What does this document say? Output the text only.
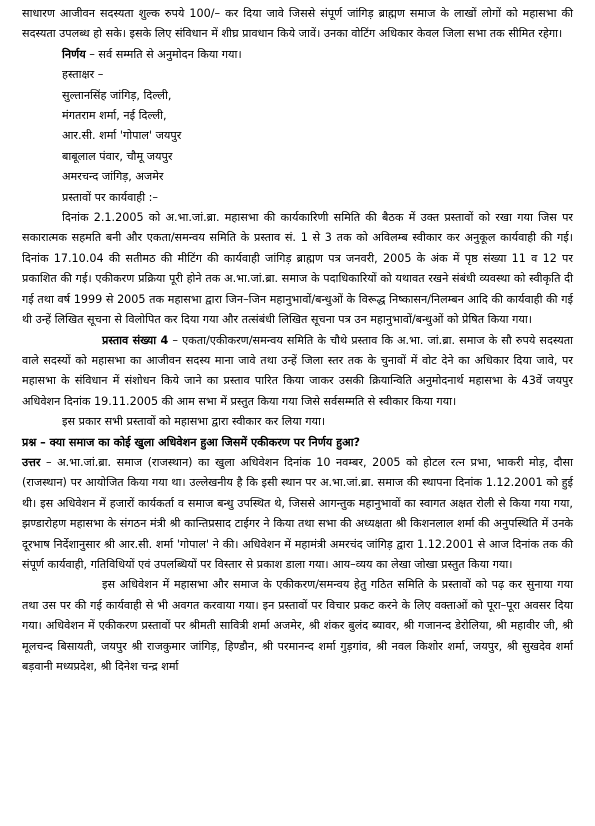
साधारण आजीवन सदस्यता शुल्क रुपये 100/– कर दिया जावे जिससे संपूर्ण जांगिड़ ब्राह्मण समाज के लाखों लोगों को महासभा की सदस्यता उपलब्ध हो सके। इसके लिए संविधान में शीघ्र प्रावधान किये जावें। उनका वोटिंग अधिकार केवल जिला सभा तक सीमित रहेगा।

निर्णय – सर्व सम्मति से अनुमोदन किया गया।

हस्ताक्षर –
सुल्तानसिंह जांगिड़, दिल्ली,
मंगतराम शर्मा, नई दिल्ली,
आर.सी. शर्मा 'गोपाल' जयपुर
बाबूलाल पंवार, चौमू जयपुर
अमरचन्द जांगिड़, अजमेर
प्रस्तावों पर कार्यवाही :–

दिनांक 2.1.2005 को अ.भा.जां.ब्रा. महासभा की कार्यकारिणी समिति की बैठक में उक्त प्रस्तावों को रखा गया जिस पर सकारात्मक सहमति बनी और एकता/समन्वय समिति के प्रस्ताव सं. 1 से 3 तक को अविलम्ब स्वीकार कर अनुकूल कार्यवाही की गई। दिनांक 17.10.04 की सतीमठ की मीटिंग की कार्यवाही जांगिड़ ब्राह्मण पत्र जनवरी, 2005 के अंक में पृष्ठ संख्या 11 व 12 पर प्रकाशित की गई। एकीकरण प्रक्रिया पूरी होने तक अ.भा.जां.ब्रा. समाज के पदाधिकारियों को यथावत रखने संबंधी व्यवस्था को स्वीकृति दी गई तथा वर्ष 1999 से 2005 तक महासभा द्वारा जिन–जिन महानुभावों/बन्धुओं के विरूद्ध निष्कासन/निलम्बन आदि की कार्यवाही की गई थी उन्हें लिखित सूचना से विलोपित कर दिया गया और तत्संबंधी लिखित सूचना पत्र उन महानुभावों/बन्धुओं को प्रेषित किया गया।

प्रस्ताव संख्या 4 – एकता/एकीकरण/समन्वय समिति के चौथे प्रस्ताव कि अ.भा. जां.ब्रा. समाज के सौ रुपये सदस्यता वाले सदस्यों को महासभा का आजीवन सदस्य माना जावे तथा उन्हें जिला स्तर तक के चुनावों में वोट देने का अधिकार दिया जावे, पर महासभा के संविधान में संशोधन किये जाने का प्रस्ताव पारित किया जाकर उसकी क्रियान्विति अनुमोदनार्थ महासभा के 43वें जयपुर अधिवेशन दिनांक 19.11.2005 की आम सभा में प्रस्तुत किया गया जिसे सर्वसम्मति से स्वीकार किया गया।

इस प्रकार सभी प्रस्तावों को महासभा द्वारा स्वीकार कर लिया गया।

प्रश्न – क्या समाज का कोई खुला अधिवेशन हुआ जिसमें एकीकरण पर निर्णय हुआ?

उत्तर – अ.भा.जां.ब्रा. समाज (राजस्थान) का खुला अधिवेशन दिनांक 10 नवम्बर, 2005 को होटल रत्न प्रभा, भाकरी मोड़, दौसा (राजस्थान) पर आयोजित किया गया था। उल्लेखनीय है कि इसी स्थान पर अ.भा.जां.ब्रा. समाज की स्थापना दिनांक 1.12.2001 को हुई थी। इस अधिवेशन में हजारों कार्यकर्ता व समाज बन्धु उपस्थित थे, जिससे आगन्तुक महानुभावों का स्वागत अक्षत रोली से किया गया गया, झण्डारोहण महासभा के संगठन मंत्री श्री कान्तिप्रसाद टाईगर ने किया तथा सभा की अध्यक्षता श्री किशनलाल शर्मा की अनुपस्थिति में उनके दूरभाष निर्देशानुसार श्री आर.सी. शर्मा 'गोपाल' ने की। अधिवेशन में महामंत्री अमरचंद जांगिड़ द्वारा 1.12.2001 से आज दिनांक तक की संपूर्ण कार्यवाही, गतिविधियों एवं उपलब्धियों पर विस्तार से प्रकाश डाला गया। आय–व्यय का लेखा जोखा प्रस्तुत किया गया।

इस अधिवेशन में महासभा और समाज के एकीकरण/समन्वय हेतु गठित समिति के प्रस्तावों को पढ़ कर सुनाया गया तथा उस पर की गई कार्यवाही से भी अवगत करवाया गया। इन प्रस्तावों पर विचार प्रकट करने के लिए वक्ताओं को पूरा–पूरा अवसर दिया गया। अधिवेशन में एकीकरण प्रस्तावों पर श्रीमती सावित्री शर्मा अजमेर, श्री शंकर बुलंद ब्यावर, श्री गजानन्द डेरोलिया, श्री महावीर जी, श्री मूलचन्द बिसायती, जयपुर श्री राजकुमार जांगिड़, हिण्डौन, श्री परमानन्द शर्मा गुड़गांव, श्री नवल किशोर शर्मा, जयपुर, श्री सुखदेव शर्मा बड़वानी मध्यप्रदेश, श्री दिनेश चन्द्र शर्मा
